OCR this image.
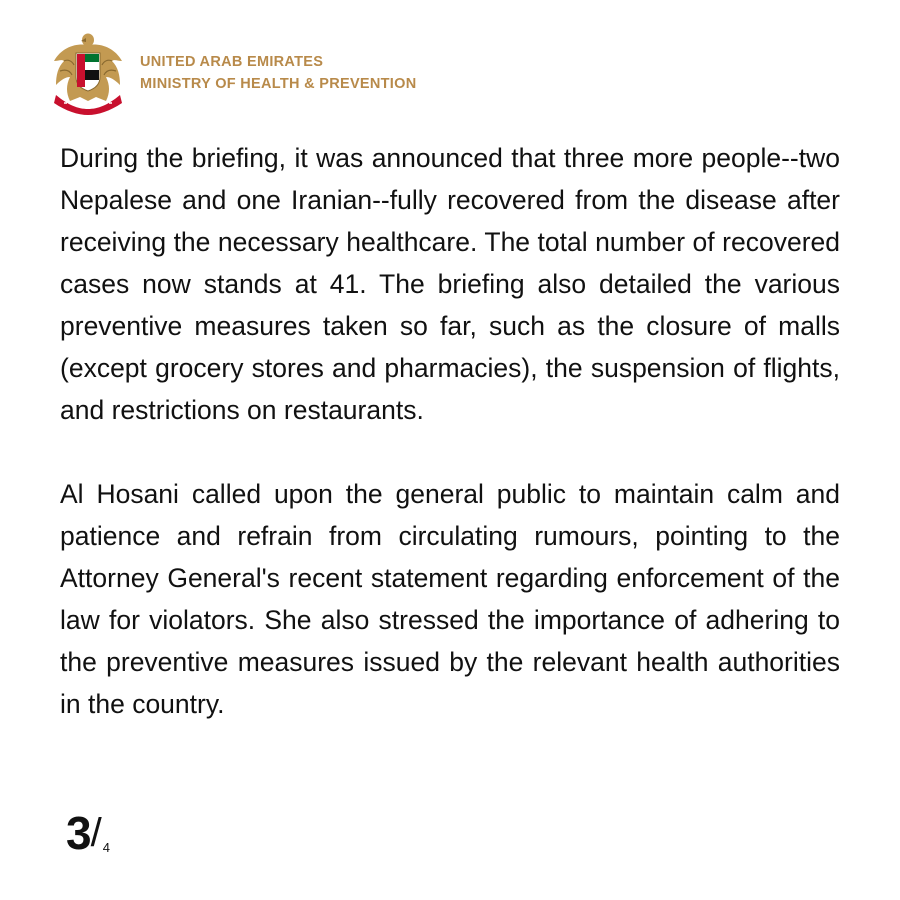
UNITED ARAB EMIRATES
MINISTRY OF HEALTH & PREVENTION

During the briefing, it was announced that three more people--two Nepalese and one Iranian--fully recovered from the disease after receiving the necessary healthcare. The total number of recovered cases now stands at 41. The briefing also detailed the various preventive measures taken so far, such as the closure of malls (except grocery stores and pharmacies), the suspension of flights, and restrictions on restaurants.

Al Hosani called upon the general public to maintain calm and patience and refrain from circulating rumours, pointing to the Attorney General's recent statement regarding enforcement of the law for violators. She also stressed the importance of adhering to the preventive measures issued by the relevant health authorities in the country.

3 / 4
